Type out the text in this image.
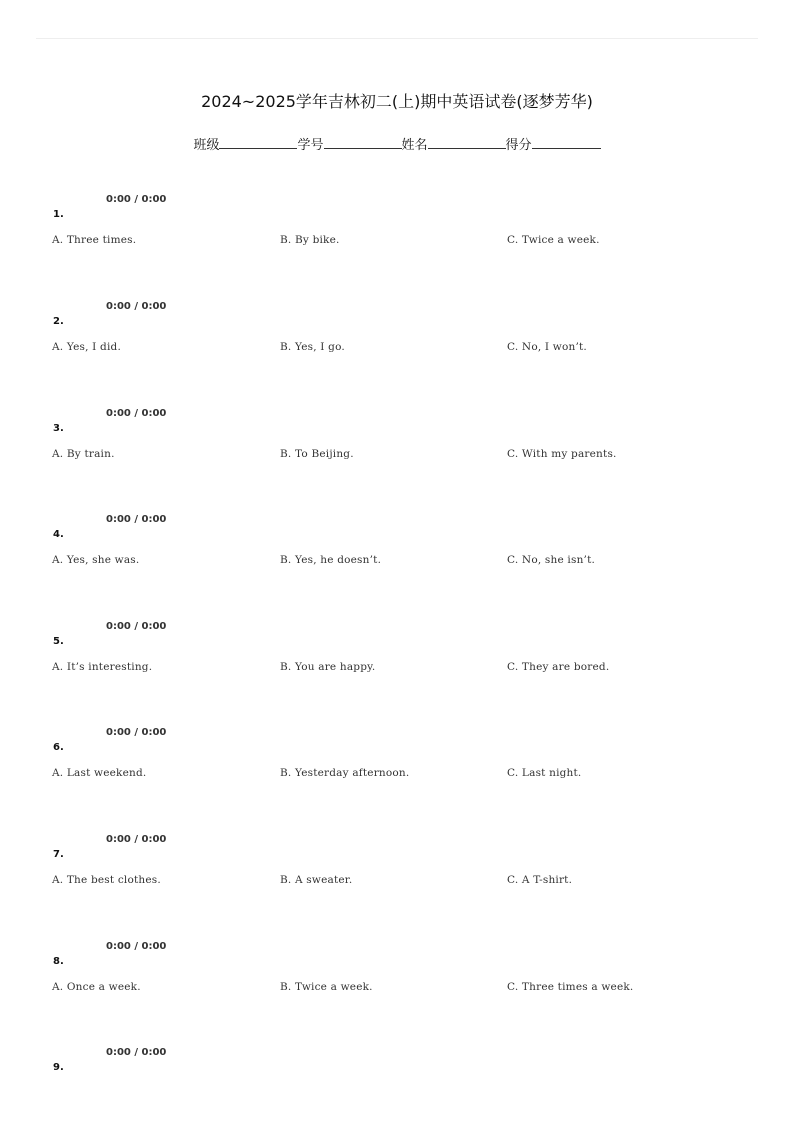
2024~2025学年吉林初二(上)期中英语试卷(逐梦芳华)
班级	学号	姓名	得分
0:00 / 0:00
1.
A. Three times.	B. By bike.	C. Twice a week.
0:00 / 0:00
2.
A. Yes, I did.	B. Yes, I go.	C. No, I won’t.
0:00 / 0:00
3.
A. By train.	B. To Beijing.	C. With my parents.
0:00 / 0:00
4.
A. Yes, she was.	B. Yes, he doesn’t.	C. No, she isn’t.
0:00 / 0:00
5.
A. It’s interesting.	B. You are happy.	C. They are bored.
0:00 / 0:00
6.
A. Last weekend.	B. Yesterday afternoon.	C. Last night.
0:00 / 0:00
7.
A. The best clothes.	B. A sweater.	C. A T-shirt.
0:00 / 0:00
8.
A. Once a week.	B. Twice a week.	C. Three times a week.
0:00 / 0:00
9.
